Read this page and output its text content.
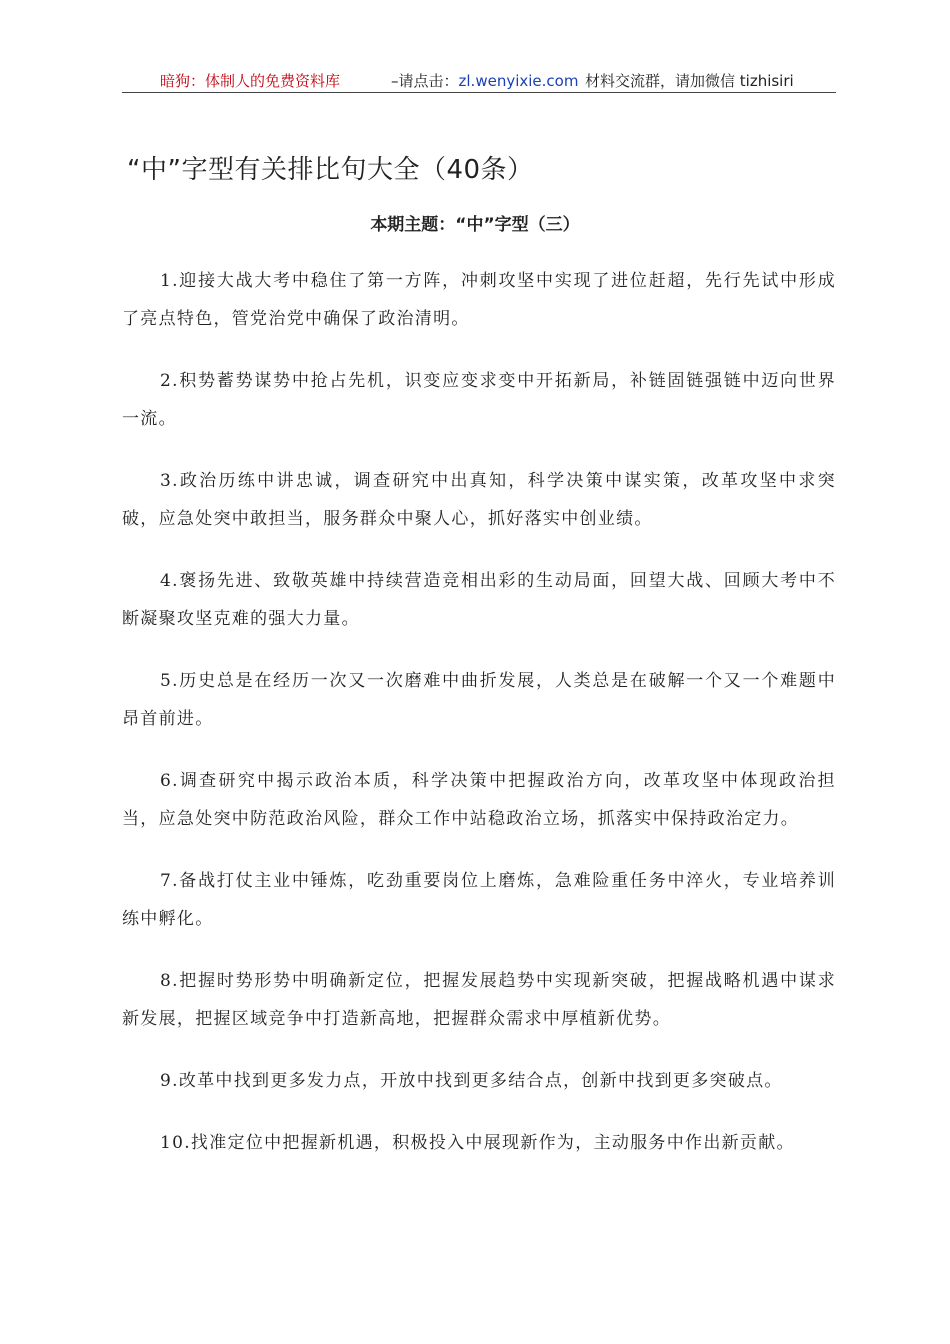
暗狗：体制人的免费资料库	–请点击：zl.wenyixie.com 材料交流群，请加微信 tizhisiri
“中”字型有关排比句大全（40条）
本期主题：“中”字型（三）

1.迎接大战大考中稳住了第一方阵，冲刺攻坚中实现了进位赶超，先行先试中形成了亮点特色，管党治党中确保了政治清明。

2.积势蓄势谋势中抢占先机，识变应变求变中开拓新局，补链固链强链中迈向世界一流。

3.政治历练中讲忠诚，调查研究中出真知，科学决策中谋实策，改革攻坚中求突破，应急处突中敢担当，服务群众中聚人心，抓好落实中创业绩。

4.褒扬先进、致敬英雄中持续营造竞相出彩的生动局面，回望大战、回顾大考中不断凝聚攻坚克难的强大力量。

5.历史总是在经历一次又一次磨难中曲折发展，人类总是在破解一个又一个难题中昂首前进。

6.调查研究中揭示政治本质，科学决策中把握政治方向，改革攻坚中体现政治担当，应急处突中防范政治风险，群众工作中站稳政治立场，抓落实中保持政治定力。

7.备战打仗主业中锤炼，吃劲重要岗位上磨炼，急难险重任务中淬火，专业培养训练中孵化。

8.把握时势形势中明确新定位，把握发展趋势中实现新突破，把握战略机遇中谋求新发展，把握区域竞争中打造新高地，把握群众需求中厚植新优势。

9.改革中找到更多发力点，开放中找到更多结合点，创新中找到更多突破点。

10.找准定位中把握新机遇，积极投入中展现新作为，主动服务中作出新贡献。
